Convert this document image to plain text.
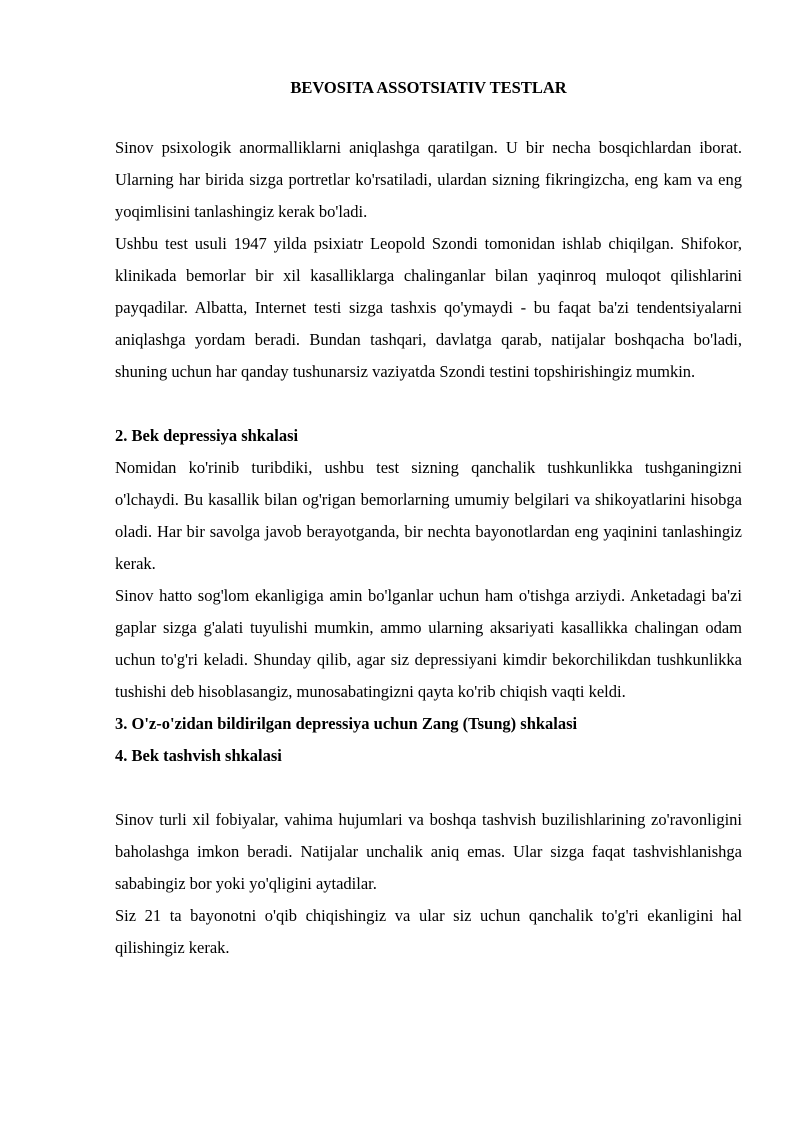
BEVOSITA ASSOTSIATIV TESTLAR

Sinov psixologik anormalliklarni aniqlashga qaratilgan. U bir necha bosqichlardan iborat. Ularning har birida sizga portretlar ko'rsatiladi, ulardan sizning fikringizcha, eng kam va eng yoqimlisini tanlashingiz kerak bo'ladi.

Ushbu test usuli 1947 yilda psixiatr Leopold Szondi tomonidan ishlab chiqilgan. Shifokor, klinikada bemorlar bir xil kasalliklarga chalinganlar bilan yaqinroq muloqot qilishlarini payqadilar. Albatta, Internet testi sizga tashxis qo'ymaydi - bu faqat ba'zi tendentsiyalarni aniqlashga yordam beradi. Bundan tashqari, davlatga qarab, natijalar boshqacha bo'ladi, shuning uchun har qanday tushunarsiz vaziyatda Szondi testini topshirishingiz mumkin.

2. Bek depressiya shkalasi

Nomidan ko'rinib turibdiki, ushbu test sizning qanchalik tushkunlikka tushganingizni o'lchaydi. Bu kasallik bilan og'rigan bemorlarning umumiy belgilari va shikoyatlarini hisobga oladi. Har bir savolga javob berayotganda, bir nechta bayonotlardan eng yaqinini tanlashingiz kerak.

Sinov hatto sog'lom ekanligiga amin bo'lganlar uchun ham o'tishga arziydi. Anketadagi ba'zi gaplar sizga g'alati tuyulishi mumkin, ammo ularning aksariyati kasallikka chalingan odam uchun to'g'ri keladi. Shunday qilib, agar siz depressiyani kimdir bekorchilikdan tushkunlikka tushishi deb hisoblasangiz, munosabatingizni qayta ko'rib chiqish vaqti keldi.

3. O'z-o'zidan bildirilgan depressiya uchun Zang (Tsung) shkalasi
4. Bek tashvish shkalasi

Sinov turli xil fobiyalar, vahima hujumlari va boshqa tashvish buzilishlarining zo'ravonligini baholashga imkon beradi. Natijalar unchalik aniq emas. Ular sizga faqat tashvishlanishga sababingiz bor yoki yo'qligini aytadilar.

Siz 21 ta bayonotni o'qib chiqishingiz va ular siz uchun qanchalik to'g'ri ekanligini hal qilishingiz kerak.
